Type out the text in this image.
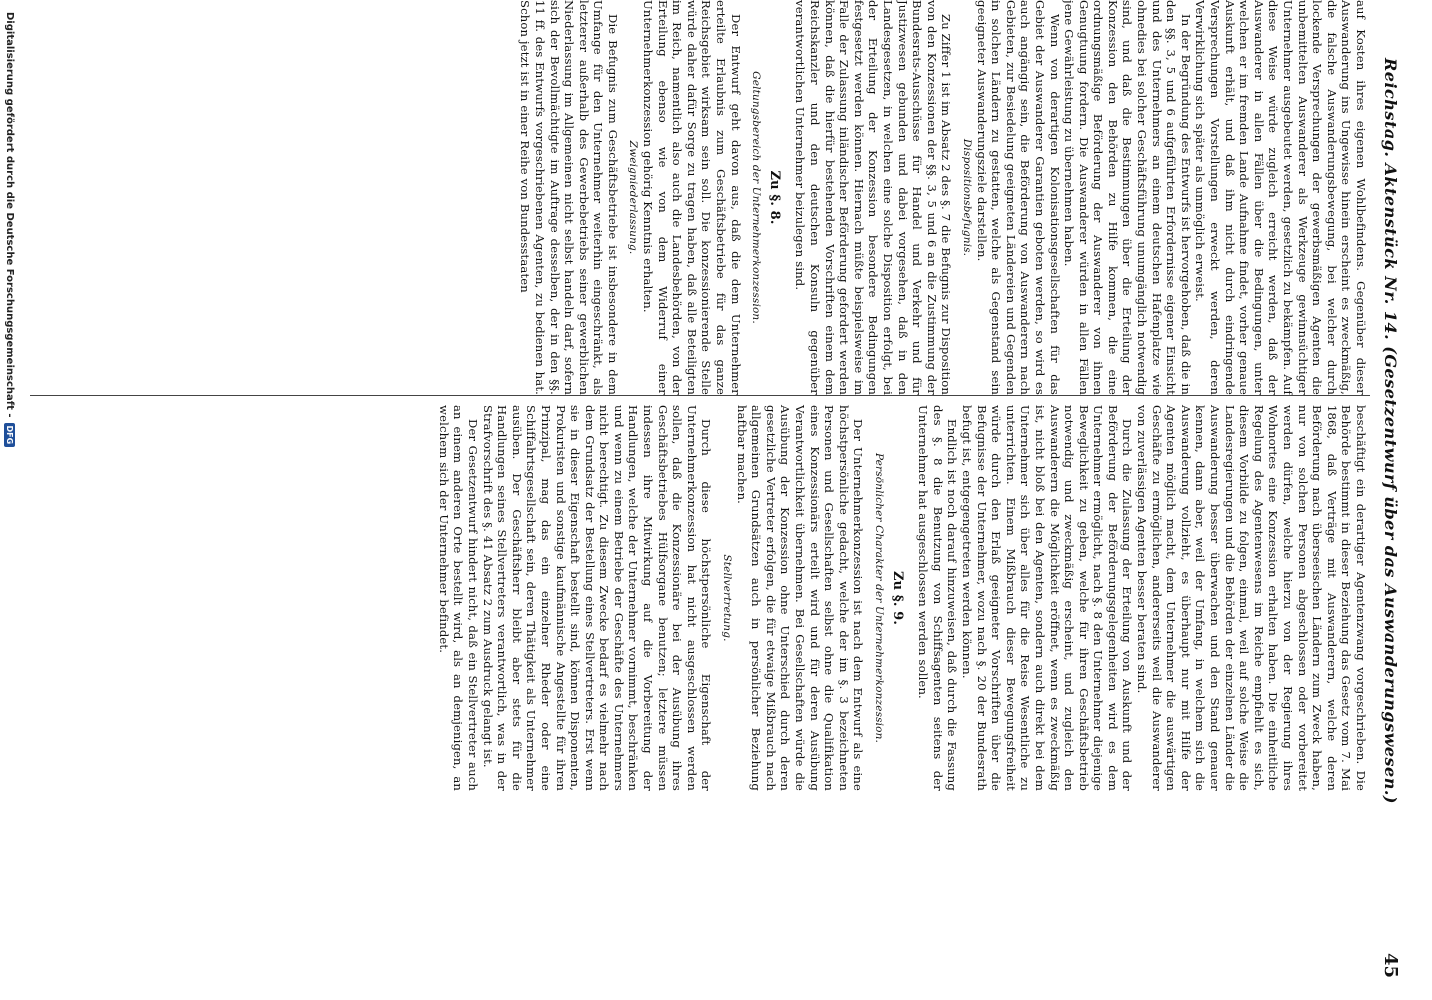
Reichstag. Aktenstück Nr. 14. (Gesetzentwurf über das Auswanderungswesen.)
45

auf Kosten ihres eigenen Wohlbefindens. Gegenüber dieser Auswanderung ins Ungewisse hinein erscheint es zweckmäßig, die falsche Auswanderungsbewegung, bei welcher durch lockende Versprechungen der gewerbsmäßigen Agenten die unbemittelten Auswanderer als Werkzeuge gewinnsüchtiger Unternehmer ausgebeutet werden, gesetzlich zu bekämpfen. Auf diese Weise würde zugleich erreicht werden, daß der Auswanderer in allen Fällen über die Bedingungen, unter welchen er im fremden Lande Aufnahme findet, vorher genaue Auskunft erhält, und daß ihm nicht durch eindringende Versprechungen Vorstellungen erweckt werden, deren Verwirklichung sich später als unmöglich erweist.

In der Begründung des Entwurfs ist hervorgehoben, daß die in den §§. 3, 5 und 6 aufgeführten Erfordernisse eigener Einsicht und des Unternehmers an einem deutschen Hafenplatze wie ohnedies bei solcher Geschäftsführung unumgänglich notwendig sind, und daß die Bestimmungen über die Erteilung der Konzession den Behörden zu Hilfe kommen, die eine ordnungsmäßige Beförderung der Auswanderer von ihnen Genugtuung fordern. Die Auswanderer würden in allen Fällen jene Gewährleistung zu übernehmen haben.

Wenn von derartigen Kolonisationsgesellschaften für das Gebiet der Auswanderer Garantien geboten werden, so wird es auch angängig sein, die Beförderung von Auswanderern nach Gebieten, zur Besiedelung geeigneten Ländereien und Gegenden in solchen Ländern zu gestatten, welche als Gegenstand sein geeigneter Auswanderungsziele darstellen.

Dispositionsbefugnis.

Zu Ziffer 1 ist im Absatz 2 des §. 7 die Befugnis zur Disposition von den Konzessionen der §§. 3, 5 und 6 an die Zustimmung der Bundesrats-Ausschüsse für Handel und Verkehr und für Justizwesen gebunden und dabei vorgesehen, daß in den Landesgesetzen, in welchen eine solche Disposition erfolgt, bei der Erteilung der Konzession besondere Bedingungen festgesetzt werden können. Hiernach müßte beispielsweise im Falle der Zulassung inländischer Beförderung gefordert werden können, daß die hierfür bestehenden Vorschriften einem dem Reichskanzler und den deutschen Konsuln gegenüber verantwortlichen Unternehmer beizulegen sind.

Zu §. 8.
Geltungsbereich der Unternehmerkonzession.

Der Entwurf geht davon aus, daß die dem Unternehmer erteilte Erlaubnis zum Geschäftsbetriebe für das ganze Reichsgebiet wirksam sein soll. Die konzessionierende Stelle würde daher dafür Sorge zu tragen haben, daß alle Beteiligten im Reich, namentlich also auch die Landesbehörden, von der Erteilung ebenso wie von dem Widerruf einer Unternehmerkonzession gehörig Kenntnis erhalten.

Zweigniederlassung.

Die Befugnis zum Geschäftsbetriebe ist insbesondere in dem Umfange für den Unternehmer weiterhin eingeschränkt, als letzterer außerhalb des Gewerbebetriebs seiner gewerblichen Niederlassung im Allgemeinen nicht selbst handeln darf, sofern sich der Bevollmächtigte im Auftrage desselben, der in den §§. 11 ff. des Entwurfs vorgeschriebenen Agenten, zu bedienen hat. Schon jetzt ist in einer Reihe von Bundesstaaten

beschäftigt ein derartiger Agentenzwang vorgeschrieben. Die Behörde bestimmt in dieser Beziehung das Gesetz vom 7. Mai 1868, daß Verträge mit Auswanderern, welche deren Beförderung nach überseeischen Ländern zum Zweck haben, nur von solchen Personen abgeschlossen oder vorbereitet werden dürfen, welche hierzu von der Regierung ihres Wohnortes eine Konzession erhalten haben. Die einheitliche Regelung des Agentenwesens im Reiche empfiehlt es sich, diesem Vorbilde zu folgen, einmal, weil auf solche Weise die Landesregierungen und die Behörden der einzelnen Länder die Auswanderung besser überwachen und den Stand genauer kennen, dann aber, weil der Umfang, in welchem sich die Auswanderung vollzieht, es überhaupt nur mit Hilfe der Agenten möglich macht, dem Unternehmer die auswärtigen Geschäfte zu ermöglichen, andererseits weil die Auswanderer von zuverlässigen Agenten besser beraten sind.

Durch die Zulassung der Erteilung von Auskunft und der Beförderung der Beförderungsgelegenheiten wird es dem Unternehmer ermöglicht, nach §. 8 den Unternehmer diejenige Beweglichkeit zu geben, welche für ihren Geschäftsbetrieb notwendig und zweckmäßig erscheint, und zugleich den Auswanderern die Möglichkeit eröffnet, wenn es zweckmäßig ist, nicht bloß bei den Agenten, sondern auch direkt bei dem Unternehmer sich über alles für die Reise Wesentliche zu unterrichten. Einem Mißbrauch dieser Bewegungsfreiheit würde durch den Erlaß geeigneter Vorschriften über die Befugnisse der Unternehmer, wozu nach §. 20 der Bundesrath befugt ist, entgegengetreten werden können.

Endlich ist noch darauf hinzuweisen, daß durch die Fassung des §. 8 die Benutzung von Schiffsagenten seitens der Unternehmer hat ausgeschlossen werden sollen.

Zu §. 9.
Persönlicher Charakter der Unternehmerkonzession.

Der Unternehmerkonzession ist nach dem Entwurf als eine höchstpersönliche gedacht, welche der im §. 3 bezeichneten Personen und Gesellschaften selbst ohne die Qualifikation eines Konzessionärs erteilt wird und für deren Ausübung Verantwortlichkeit übernehmen. Bei Gesellschaften würde die Ausübung der Konzession ohne Unterschied durch deren gesetzliche Vertreter erfolgen, die für etwaige Mißbrauch nach allgemeinen Grundsätzen auch in persönlicher Beziehung haftbar machen.

Stellvertretung.

Durch diese höchstpersönliche Eigenschaft der Unternehmerkonzession hat nicht ausgeschlossen werden sollen, daß die Konzessionäre bei der Ausübung ihres Geschäftsbetriebes Hülfsorgane benutzen; letztere müssen indessen ihre Mitwirkung auf die Vorbereitung der Handlungen, welche der Unternehmer vornimmt, beschränken und wenn zu einem Betriebe der Geschäfte des Unternehmers nicht berechtigt. Zu diesem Zwecke bedarf es vielmehr nach dem Grundsatz der Bestellung eines Stellvertreters. Erst wenn sie in dieser Eigenschaft bestellt sind, können Disponenten, Prokuristen und sonstige kaufmännische Angestellte für ihren Prinzipal, mag das ein einzelner Rheder oder eine Schiffahrtsgesellschaft sein, deren Thätigkeit als Unternehmer ausüben. Der Geschäftsherr bleibt aber stets für die Handlungen seines Stellvertreters verantwortlich, was in der Strafvorschrift des §. 41 Absatz 2 zum Ausdruck gelangt ist.

Der Gesetzentwurf hindert nicht, daß ein Stellvertreter auch an einem anderen Orte bestellt wird, als an demjenigen, an welchem sich der Unternehmer befindet.

Digitalisierung gefördert durch die Deutsche Forschungsgemeinschaft -
DFG
